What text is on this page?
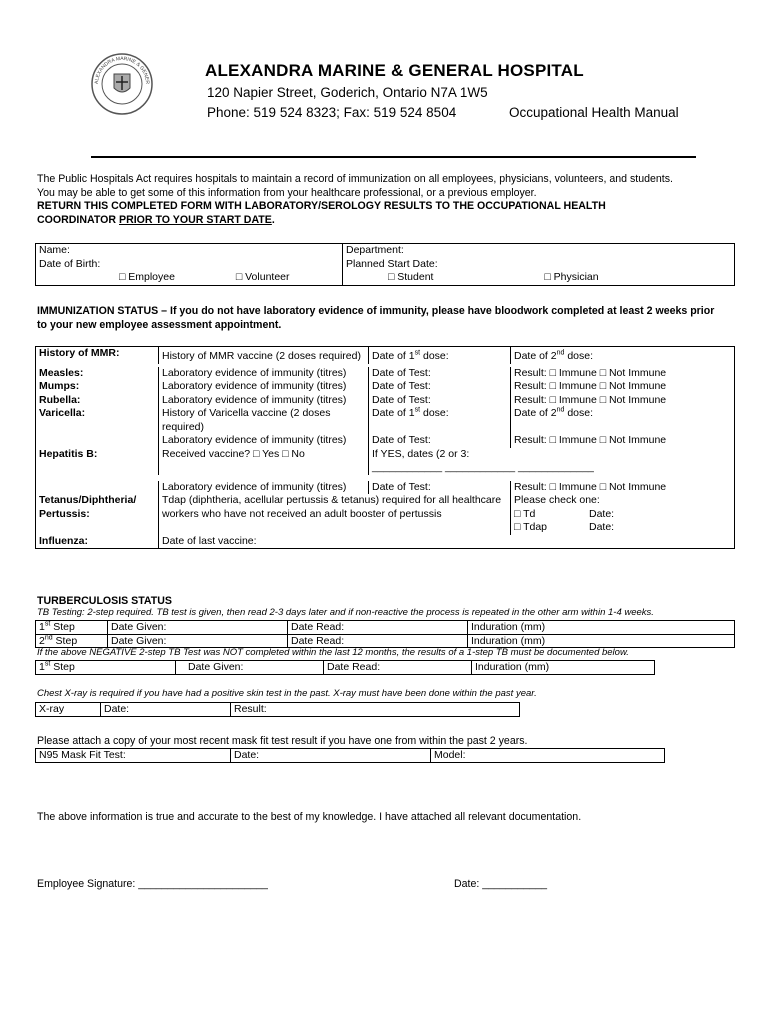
ALEXANDRA MARINE & GENER
ALEXANDRA MARINE & GENERAL HOSPITAL
120 Napier Street, Goderich, Ontario N7A 1W5
Phone: 519 524 8323; Fax: 519 524 8504	Occupational Health Manual
The Public Hospitals Act requires hospitals to maintain a record of immunization on all employees, physicians, volunteers, and students.
You may be able to get some of this information from your healthcare professional, or a previous employer.
RETURN THIS COMPLETED FORM WITH LABORATORY/SEROLOGY RESULTS TO THE OCCUPATIONAL HEALTH
COORDINATOR PRIOR TO YOUR START DATE.
Name:	Department:
Date of Birth:	Planned Start Date:
□ Employee □ Volunteer	□ Student □ Physician
IMMUNIZATION STATUS – If you do not have laboratory evidence of immunity, please have bloodwork completed at least 2 weeks prior to your new employee assessment appointment.
History of MMR:	History of MMR vaccine (2 doses required)	Date of 1st dose:	Date of 2nd dose:

Measles:	Laboratory evidence of immunity (titres)	Date of Test:	Result: □ Immune □ Not Immune
Mumps:	Laboratory evidence of immunity (titres)	Date of Test:	Result: □ Immune □ Not Immune
Rubella:	Laboratory evidence of immunity (titres)	Date of Test:	Result: □ Immune □ Not Immune
Varicella:	History of Varicella vaccine (2 doses required)	Date of 1st dose:	Date of 2nd dose:
	Laboratory evidence of immunity (titres)	Date of Test:	Result: □ Immune □ Not Immune
Hepatitis B:	Received vaccine? □ Yes □ No	If YES, dates (2 or 3:	
		____________ ____________ _____________	

	Laboratory evidence of immunity (titres)	Date of Test:	Result: □ Immune □ Not Immune
Tetanus/Diphtheria/ Pertussis:	Tdap (diphtheria, acellular pertussis & tetanus) required for all healthcare workers who have not received an adult booster of pertussis		Please check one:
□ Td Date:
□ Tdap Date:

Influenza:	Date of last vaccine:		
TURBERCULOSIS STATUS
TB Testing: 2-step required. TB test is given, then read 2-3 days later and if non-reactive the process is repeated in the other arm within 1-4 weeks.
1st Step	Date Given:	Date Read:	Induration (mm)
2nd Step	Date Given:	Date Read:	Induration (mm)
If the above NEGATIVE 2-step TB Test was NOT completed within the last 12 months, the results of a 1-step TB must be documented below.
1st Step	Date Given:	Date Read:	Induration (mm)
Chest X-ray is required if you have had a positive skin test in the past. X-ray must have been done within the past year.
X-ray	Date:	Result:
Please attach a copy of your most recent mask fit test result if you have one from within the past 2 years.
N95 Mask Fit Test:	Date:	Model:
The above information is true and accurate to the best of my knowledge. I have attached all relevant documentation.
Employee Signature: ______________________	Date: ___________
